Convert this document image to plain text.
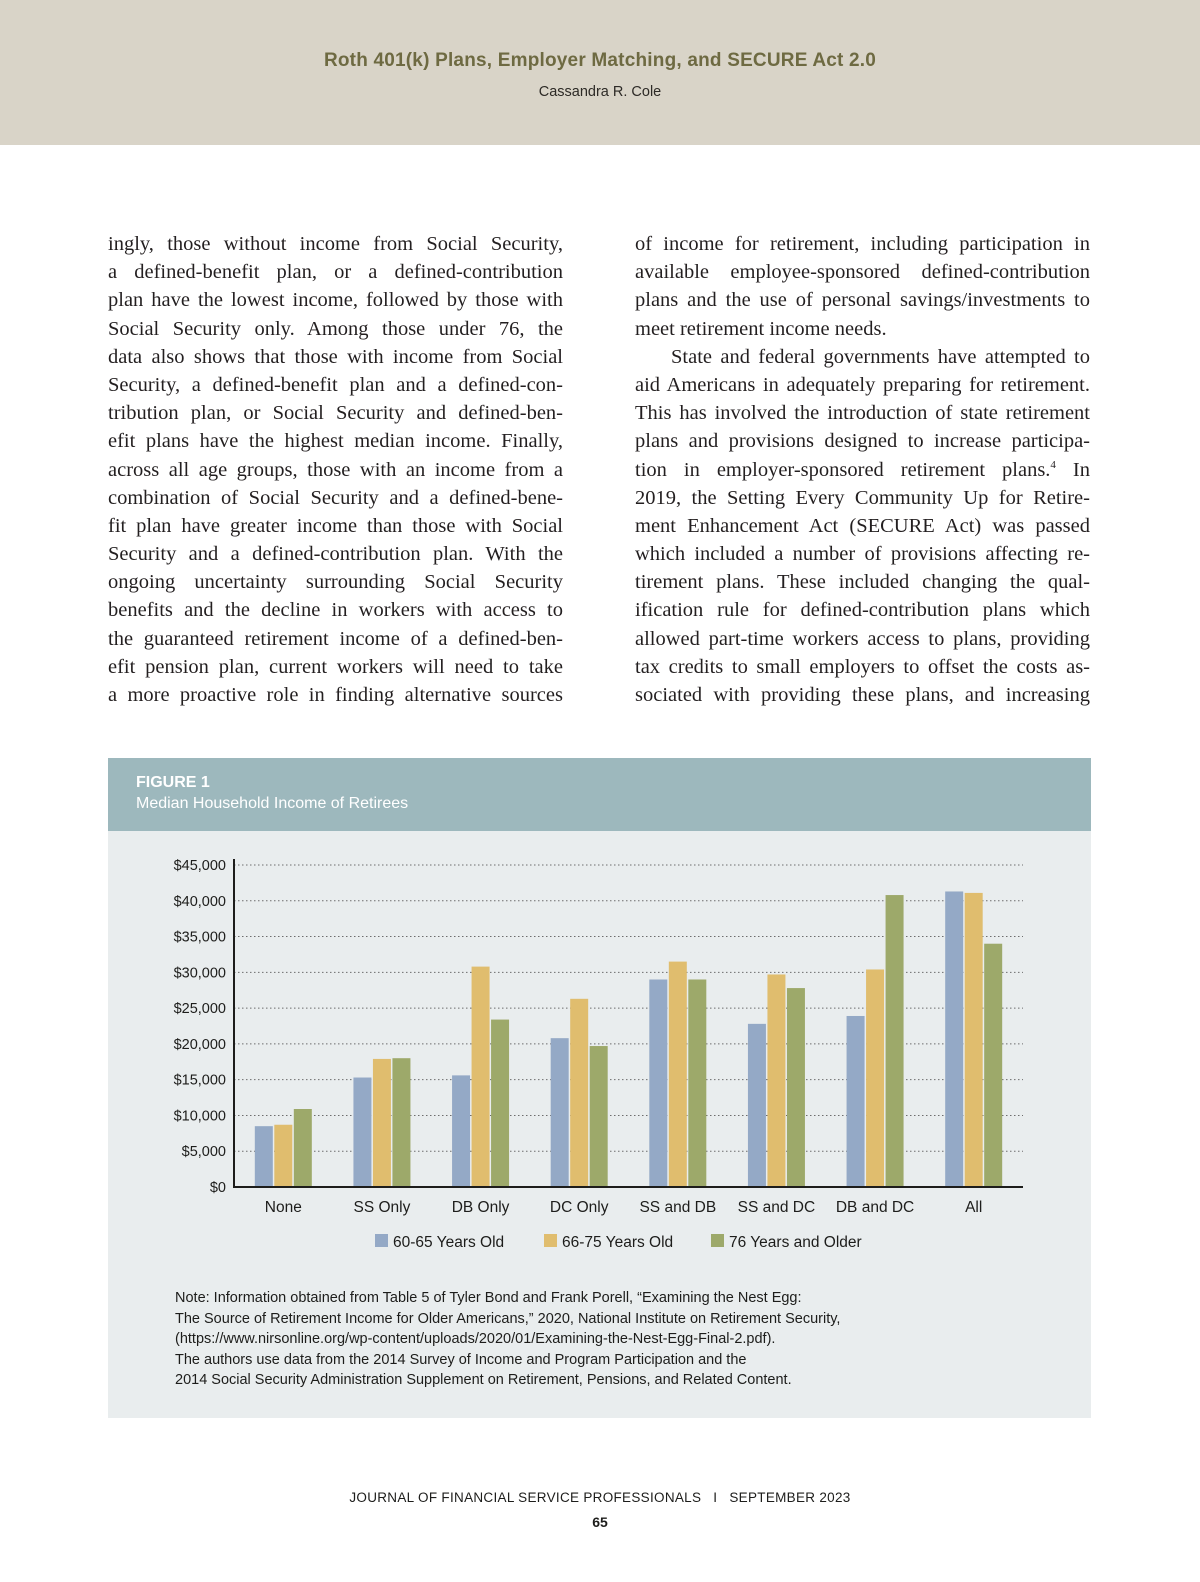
Roth 401(k) Plans, Employer Matching, and SECURE Act 2.0
Cassandra R. Cole
ingly, those without income from Social Security,
a defined-benefit plan, or a defined-contribution
plan have the lowest income, followed by those with
Social Security only. Among those under 76, the
data also shows that those with income from Social
Security, a defined-benefit plan and a defined-con-
tribution plan, or Social Security and defined-ben-
efit plans have the highest median income. Finally,
across all age groups, those with an income from a
combination of Social Security and a defined-bene-
fit plan have greater income than those with Social
Security and a defined-contribution plan. With the
ongoing uncertainty surrounding Social Security
benefits and the decline in workers with access to
the guaranteed retirement income of a defined-ben-
efit pension plan, current workers will need to take
a more proactive role in finding alternative sources
of income for retirement, including participation in
available employee-sponsored defined-contribution
plans and the use of personal savings/investments to
meet retirement income needs.
State and federal governments have attempted to
aid Americans in adequately preparing for retirement.
This has involved the introduction of state retirement
plans and provisions designed to increase participa-
tion in employer-sponsored retirement plans.$^4$ In
2019, the Setting Every Community Up for Retire-
ment Enhancement Act (SECURE Act) was passed
which included a number of provisions affecting re-
tirement plans. These included changing the qual-
ification rule for defined-contribution plans which
allowed part-time workers access to plans, providing
tax credits to small employers to offset the costs as-
sociated with providing these plans, and increasing
FIGURE 1
Median Household Income of Retirees
$0
$5,000
$10,000
$15,000
$20,000
$25,000
$30,000
$35,000
$40,000
$45,000
None	SS Only	DB Only	DC Only SS and DB SS and DC DB and DC	All
60-65 Years Old	66-75 Years Old	76 Years and Older
Note: Information obtained from Table 5 of Tyler Bond and Frank Porell, “Examining the Nest Egg:
The Source of Retirement Income for Older Americans,” 2020, National Institute on Retirement Security,
(https://www.nirsonline.org/wp-content/uploads/2020/01/Examining-the-Nest-Egg-Final-2.pdf).
The authors use data from the 2014 Survey of Income and Program Participation and the
2014 Social Security Administration Supplement on Retirement, Pensions, and Related Content.
JOURNAL OF FINANCIAL SERVICE PROFESSIONALS I SEPTEMBER 2023
65
